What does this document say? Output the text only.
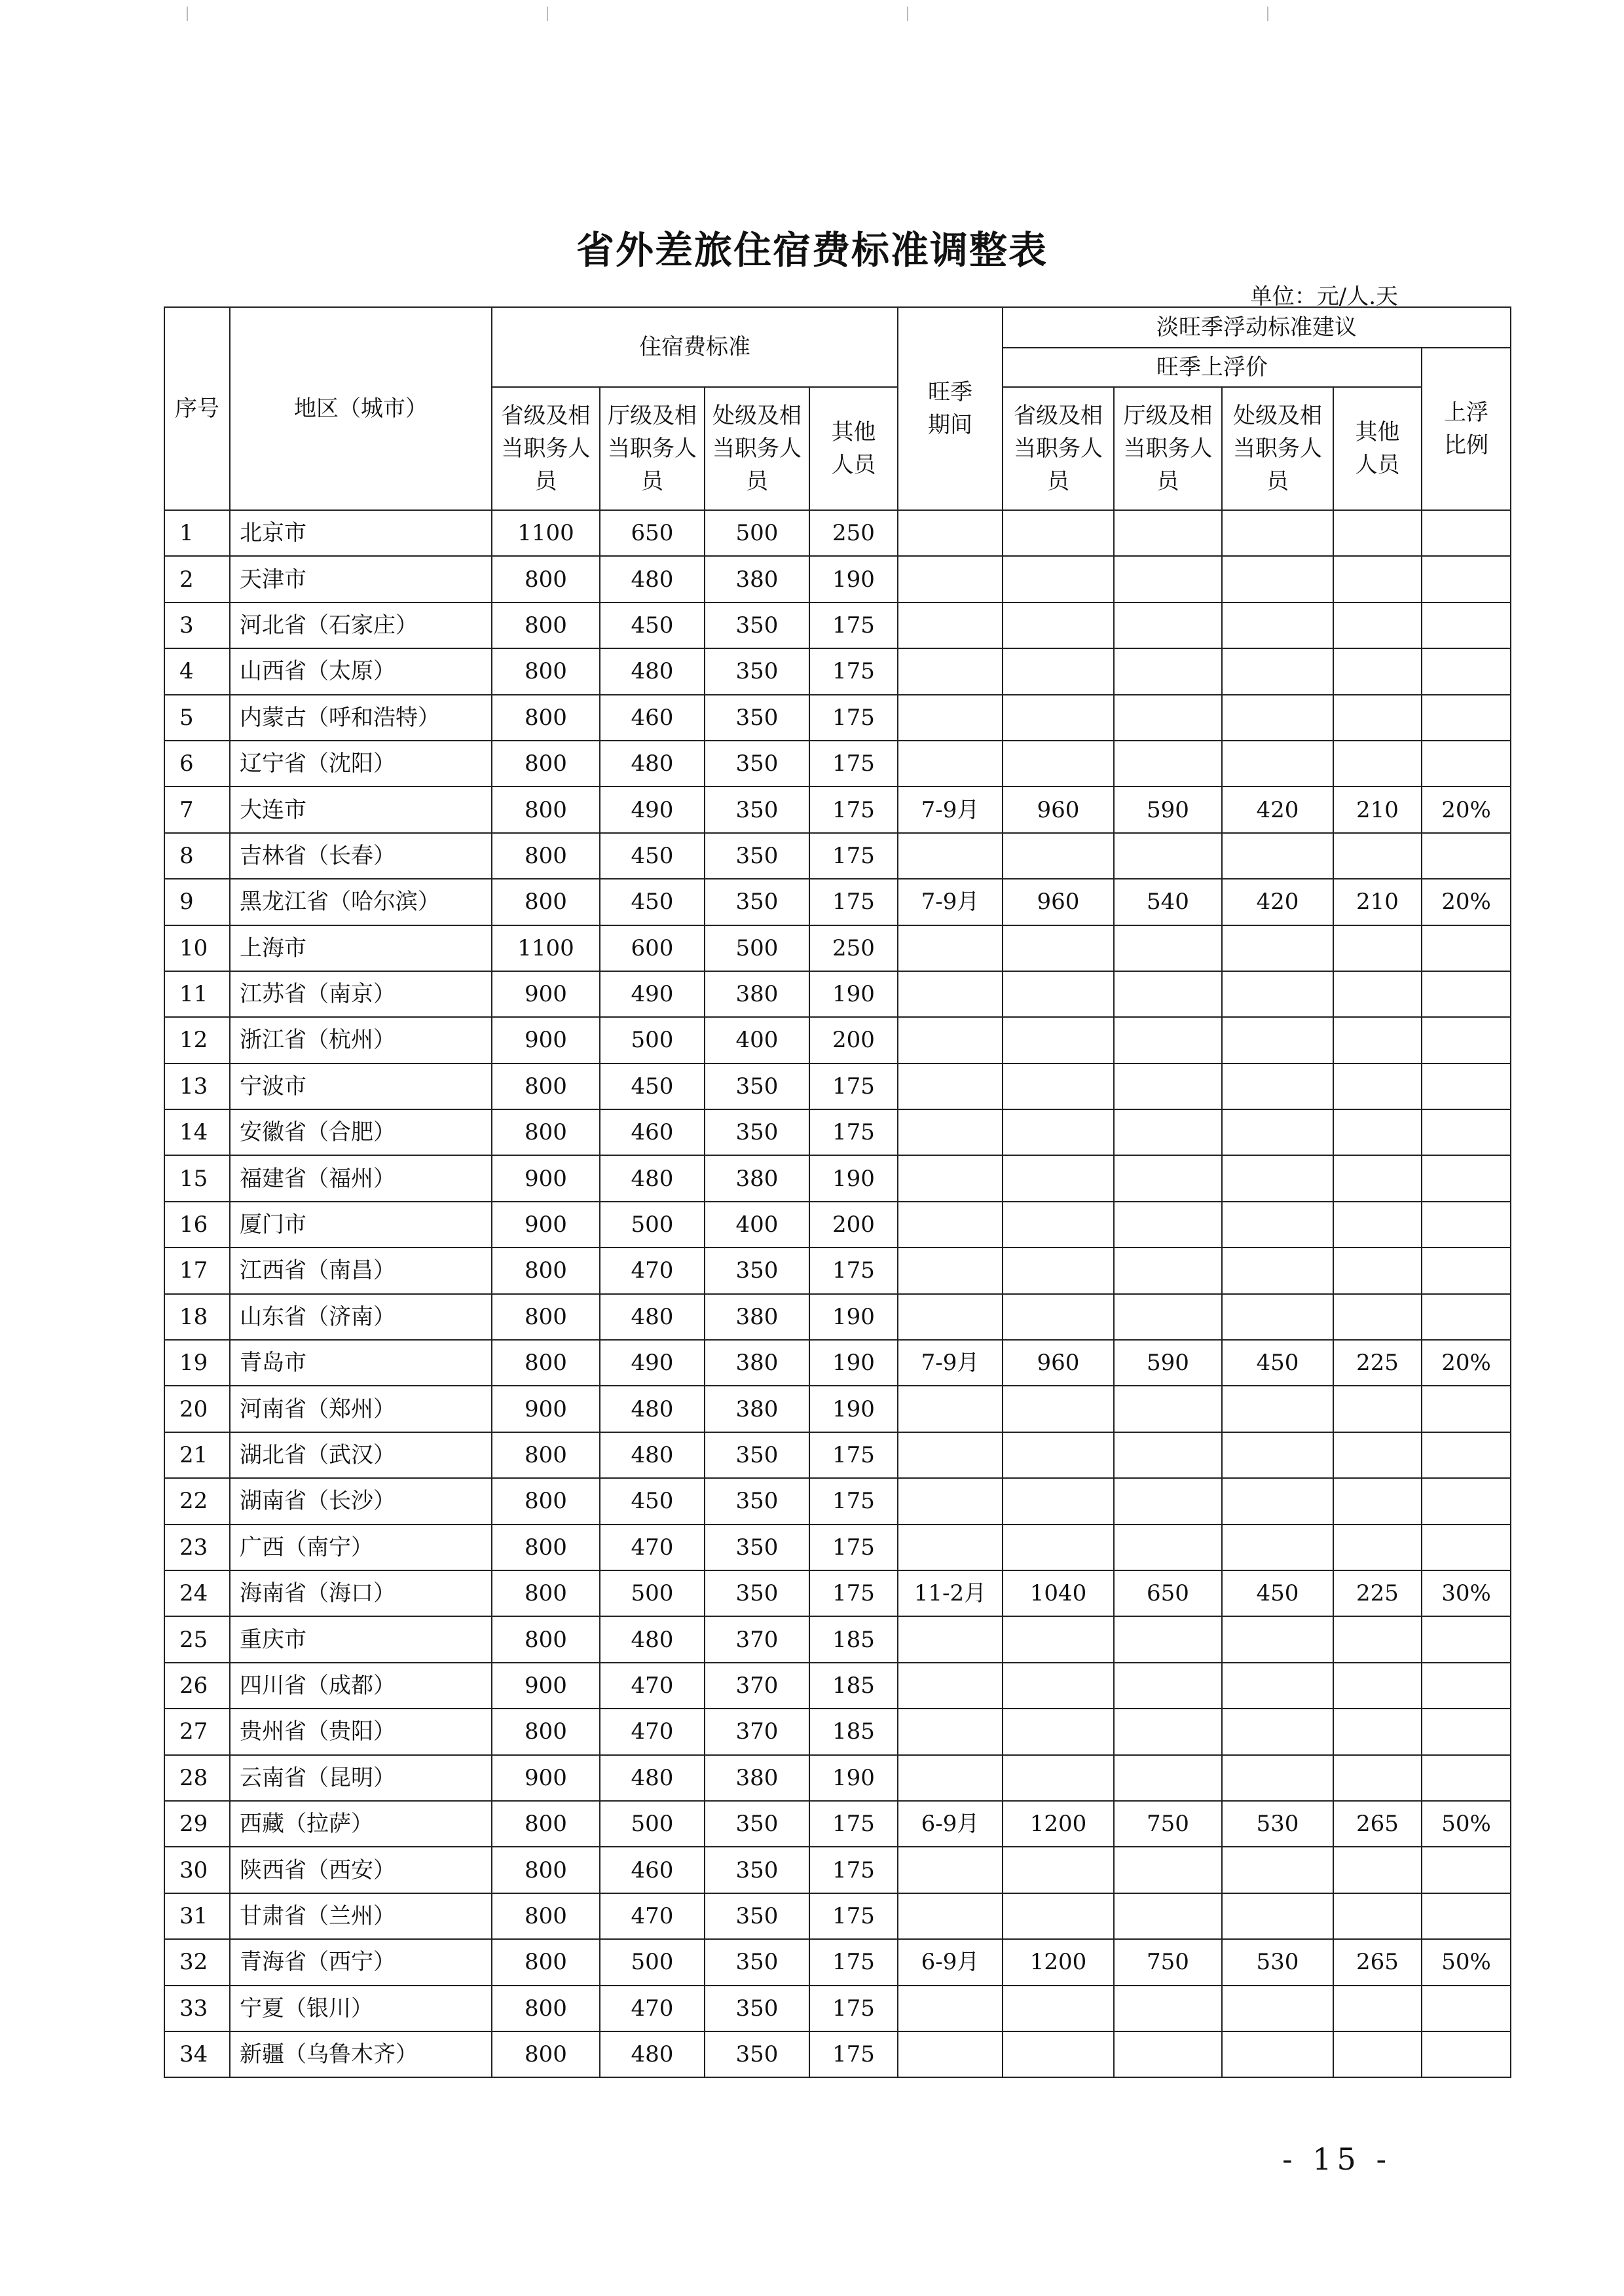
省外差旅住宿费标准调整表
单位：元/人.天
序号	地区（城市）	住宿费标准				旺季期间	淡旺季浮动标准建议				
							旺季上浮价				上浮比例
		省级及相当职务人员	厅级及相当职务人员	处级及相当职务人员	其他人员		省级及相当职务人员	厅级及相当职务人员	处级及相当职务人员	其他人员	
1	北京市	1100	650	500	250						
2	天津市	800	480	380	190						
3	河北省（石家庄）	800	450	350	175						
4	山西省（太原）	800	480	350	175						
5	内蒙古（呼和浩特）	800	460	350	175						
6	辽宁省（沈阳）	800	480	350	175						
7	大连市	800	490	350	175	7-9月	960	590	420	210	20%
8	吉林省（长春）	800	450	350	175						
9	黑龙江省（哈尔滨）	800	450	350	175	7-9月	960	540	420	210	20%
10	上海市	1100	600	500	250						
11	江苏省（南京）	900	490	380	190						
12	浙江省（杭州）	900	500	400	200						
13	宁波市	800	450	350	175						
14	安徽省（合肥）	800	460	350	175						
15	福建省（福州）	900	480	380	190						
16	厦门市	900	500	400	200						
17	江西省（南昌）	800	470	350	175						
18	山东省（济南）	800	480	380	190						
19	青岛市	800	490	380	190	7-9月	960	590	450	225	20%
20	河南省（郑州）	900	480	380	190						
21	湖北省（武汉）	800	480	350	175						
22	湖南省（长沙）	800	450	350	175						
23	广西（南宁）	800	470	350	175						
24	海南省（海口）	800	500	350	175	11-2月	1040	650	450	225	30%
25	重庆市	800	480	370	185						
26	四川省（成都）	900	470	370	185						
27	贵州省（贵阳）	800	470	370	185						
28	云南省（昆明）	900	480	380	190						
29	西藏（拉萨）	800	500	350	175	6-9月	1200	750	530	265	50%
30	陕西省（西安）	800	460	350	175						
31	甘肃省（兰州）	800	470	350	175						
32	青海省（西宁）	800	500	350	175	6-9月	1200	750	530	265	50%
33	宁夏（银川）	800	470	350	175						
34	新疆（乌鲁木齐）	800	480	350	175						
- 15 -
